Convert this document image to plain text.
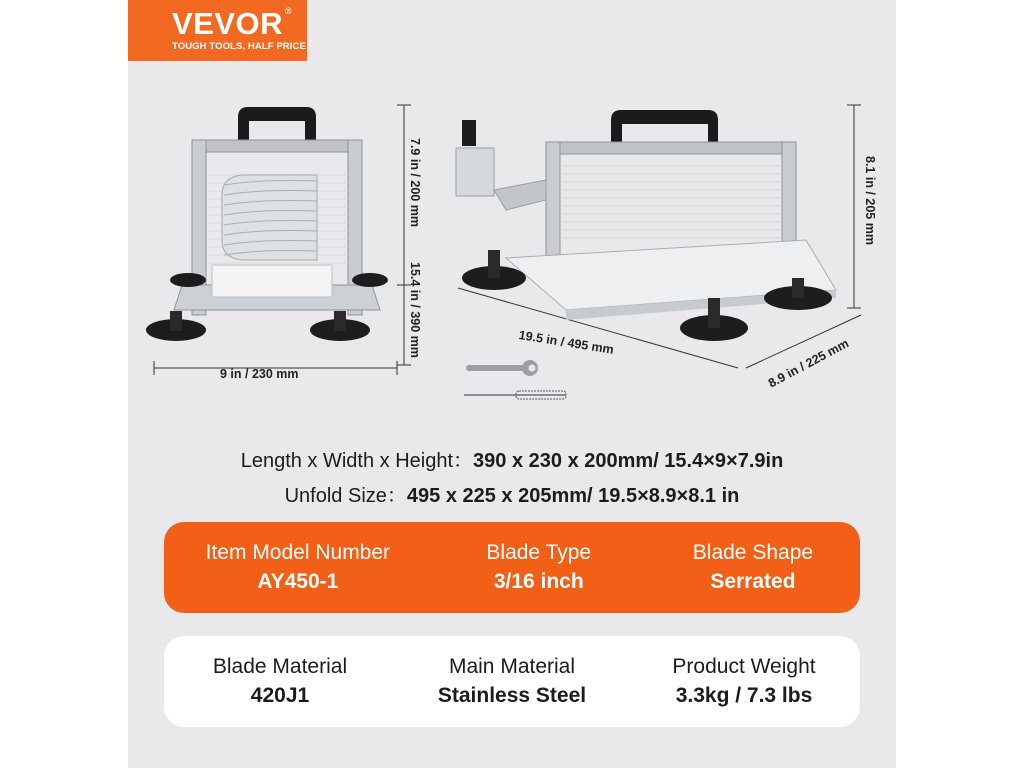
VEVOR ®
TOUGH TOOLS, HALF PRICE
9 in / 230 mm
7.9 in / 200 mm
15.4 in / 390 mm	19.5 in / 495 mm
8.1 in / 205 mm
8.9 in / 225 mm
Length x Width x Height：390 x 230 x 200mm/ 15.4×9×7.9in
Unfold Size：495 x 225 x 205mm/ 19.5×8.9×8.1 in
Item Model Number
AY450-1
Blade Type
3/16 inch
Blade Shape
Serrated
Blade Material
420J1
Main Material
Stainless Steel
Product Weight
3.3kg / 7.3 lbs
